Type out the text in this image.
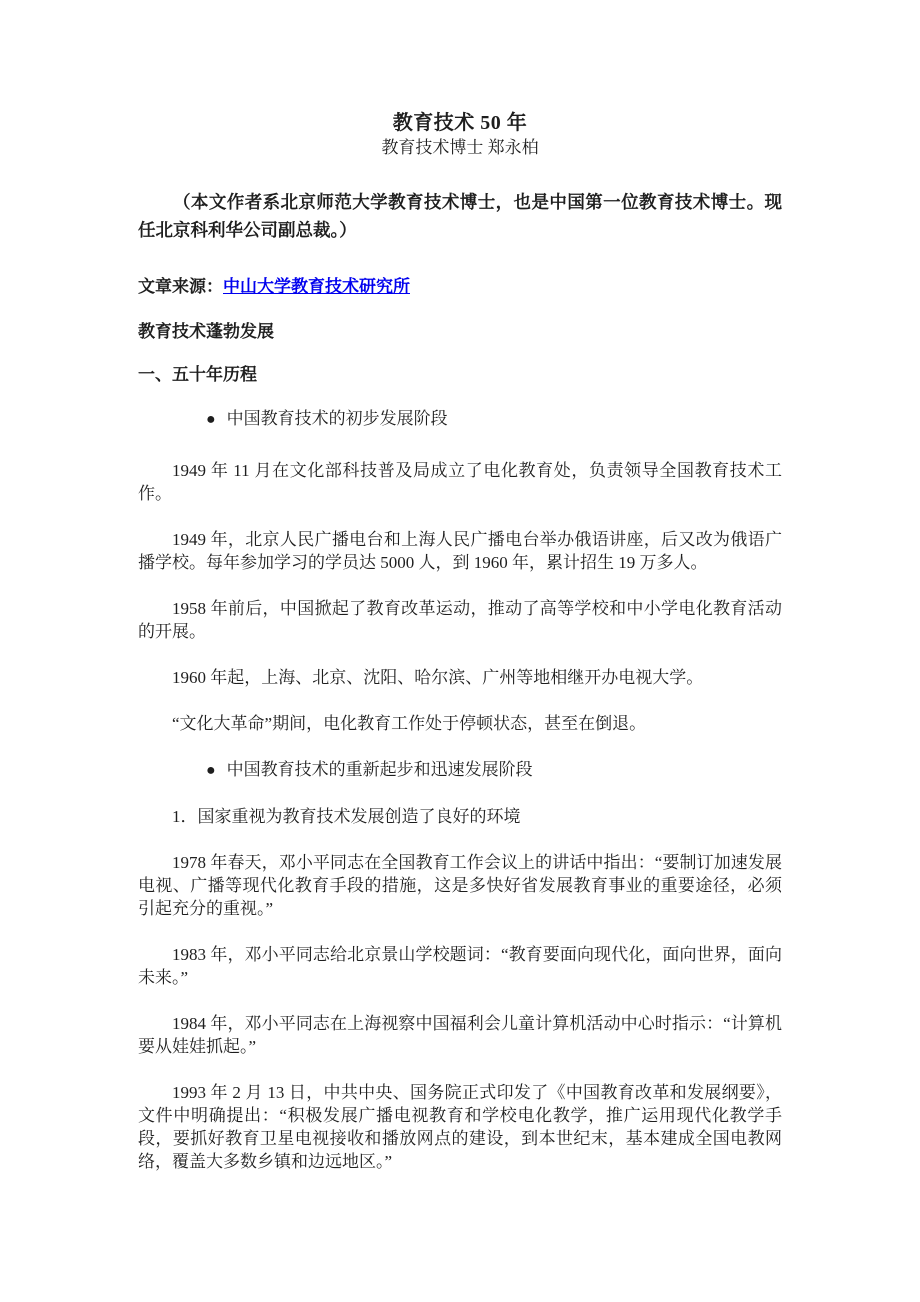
教育技术 50 年

教育技术博士 郑永柏

（本文作者系北京师范大学教育技术博士，也是中国第一位教育技术博士。现任北京科利华公司副总裁。）

文章来源：中山大学教育技术研究所

教育技术蓬勃发展

一、五十年历程

● 中国教育技术的初步发展阶段

1949 年 11 月在文化部科技普及局成立了电化教育处，负责领导全国教育技术工作。

1949 年，北京人民广播电台和上海人民广播电台举办俄语讲座，后又改为俄语广播学校。每年参加学习的学员达 5000 人，到 1960 年，累计招生 19 万多人。

1958 年前后，中国掀起了教育改革运动，推动了高等学校和中小学电化教育活动的开展。

1960 年起，上海、北京、沈阳、哈尔滨、广州等地相继开办电视大学。

“文化大革命”期间，电化教育工作处于停顿状态，甚至在倒退。

● 中国教育技术的重新起步和迅速发展阶段

1．国家重视为教育技术发展创造了良好的环境

1978 年春天，邓小平同志在全国教育工作会议上的讲话中指出：“要制订加速发展电视、广播等现代化教育手段的措施，这是多快好省发展教育事业的重要途径，必须引起充分的重视。”

1983 年，邓小平同志给北京景山学校题词：“教育要面向现代化，面向世界，面向未来。”

1984 年，邓小平同志在上海视察中国福利会儿童计算机活动中心时指示：“计算机要从娃娃抓起。”

1993 年 2 月 13 日，中共中央、国务院正式印发了《中国教育改革和发展纲要》，文件中明确提出：“积极发展广播电视教育和学校电化教学，推广运用现代化教学手段，要抓好教育卫星电视接收和播放网点的建设，到本世纪末，基本建成全国电教网络，覆盖大多数乡镇和边远地区。”
